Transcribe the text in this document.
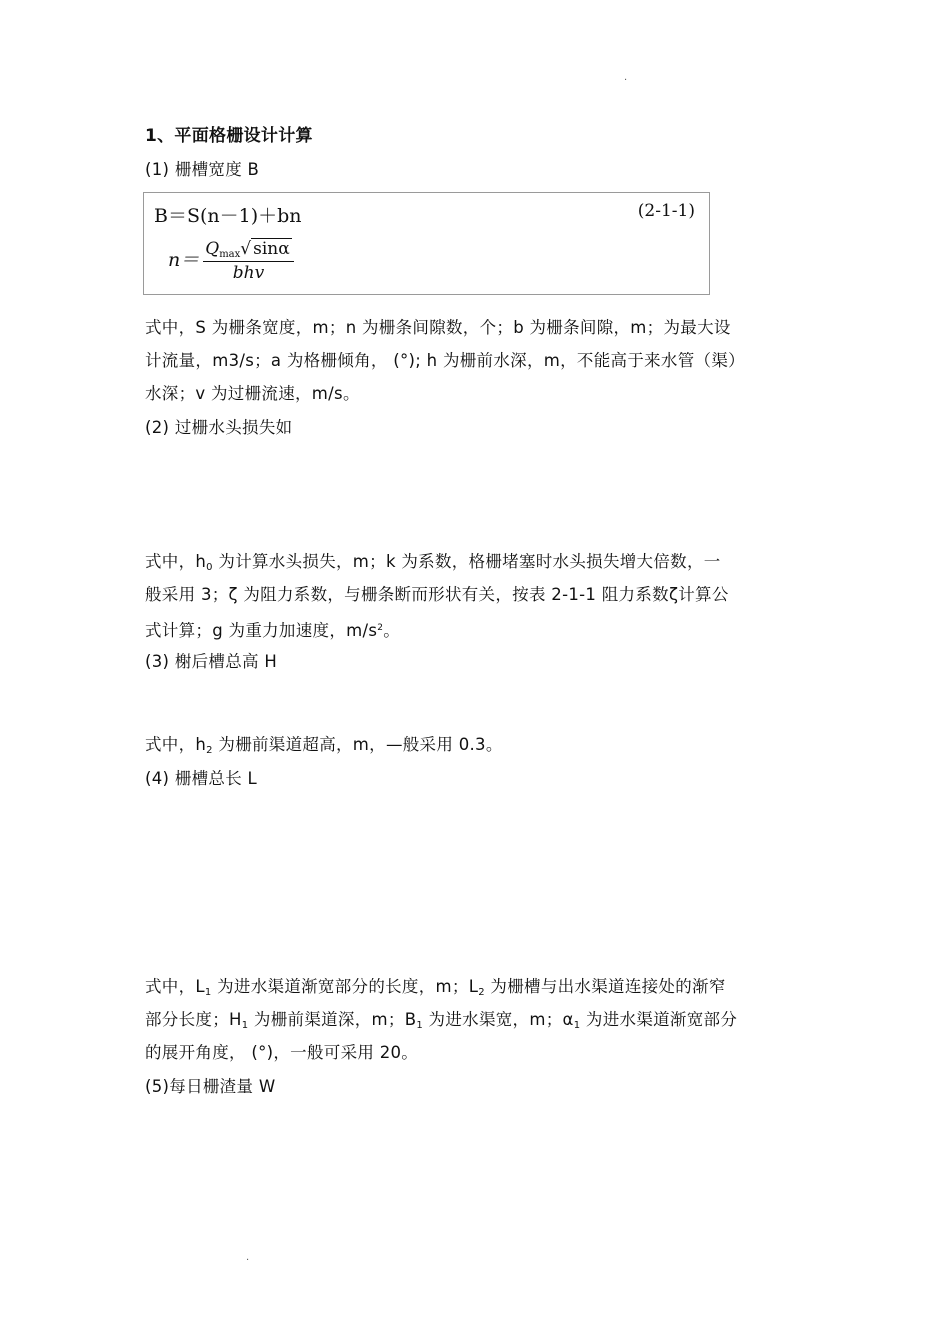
·
1、平面格栅设计计算
(1) 栅槽宽度 B
B＝S(n－1)＋bn	(2-1-1)
$n= \frac{Q_{max}√ \sin\alpha}{\text{bhv}}$
式中，S 为栅条宽度，m；n 为栅条间隙数，个；b 为栅条间隙，m；为最大设
计流量，m3/s；a 为格栅倾角， (°); h 为栅前水深，m，不能高于来水管（渠）
水深；v 为过栅流速，m/s。
(2) 过栅水头损失如
式中，$h_0$ 为计算水头损失，m；k 为系数，格栅堵塞时水头损失增大倍数，一
般采用 3；ζ 为阻力系数，与栅条断而形状有关，按表 2-1-1 阻力系数ζ计算公
式计算；g 为重力加速度，$m/s^2$。
(3) 榭后槽总高 H
式中，$h_2$ 为栅前渠道超高，m，—般采用 0.3。
(4) 栅槽总长 L
式中，$L_1$ 为进水渠道渐宽部分的长度，m；$L_2$ 为栅槽与出水渠道连接处的渐窄
部分长度；$H_1$ 为栅前渠道深，m；$B_1$ 为进水渠宽，m；$\alpha_1$ 为进水渠道渐宽部分
的展开角度， (°)，一般可采用 20。
(5)每日栅渣量 W
·
